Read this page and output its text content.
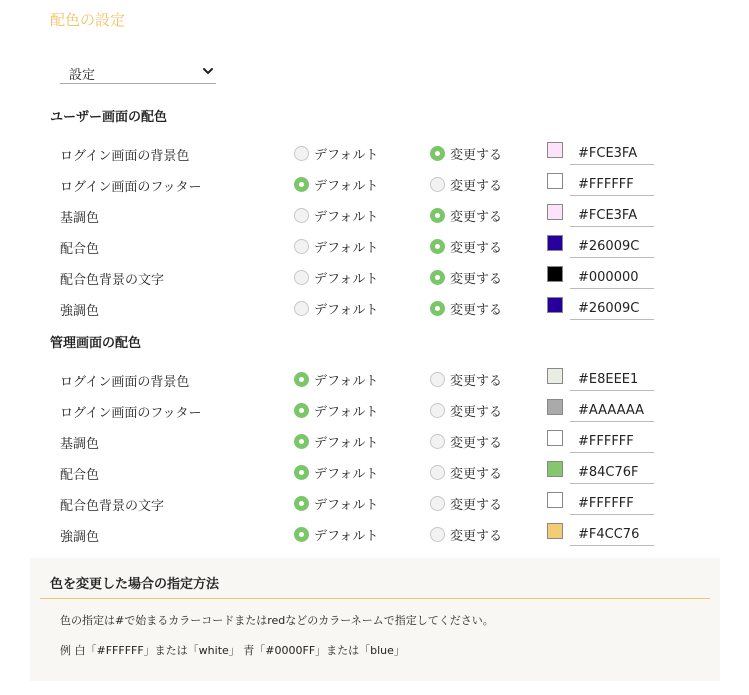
配色の設定
設定
ユーザー画面の配色
ログイン画面の背景色	デフォルト	変更する	#FCE3FA
ログイン画面のフッター	デフォルト	変更する	#FFFFFF
基調色	デフォルト	変更する	#FCE3FA
配合色	デフォルト	変更する	#26009C
配合色背景の文字	デフォルト	変更する	#000000
強調色	デフォルト	変更する	#26009C
管理画面の配色
ログイン画面の背景色	デフォルト	変更する	#E8EEE1
ログイン画面のフッター	デフォルト	変更する	#AAAAAA
基調色	デフォルト	変更する	#FFFFFF
配合色	デフォルト	変更する	#84C76F
配合色背景の文字	デフォルト	変更する	#FFFFFF
強調色	デフォルト	変更する	#F4CC76
色を変更した場合の指定方法
色の指定は#で始まるカラーコードまたはredなどのカラーネームで指定してください。
例 白「#FFFFFF」または「white」 青「#0000FF」または「blue」
